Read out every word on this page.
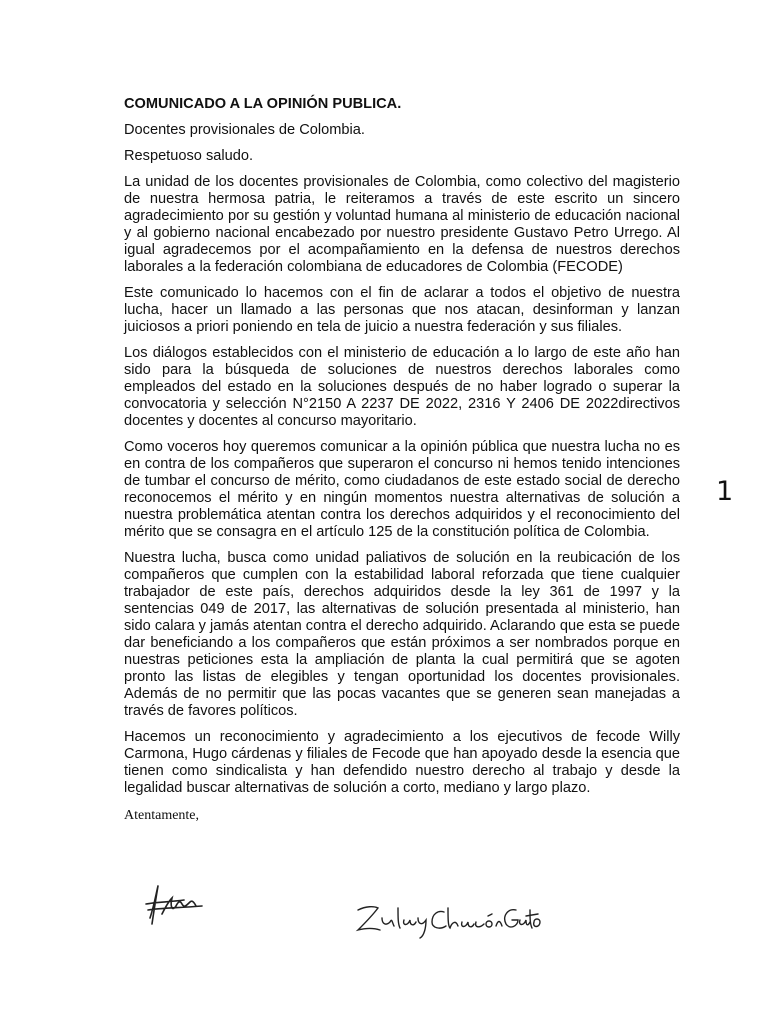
COMUNICADO A LA OPINIÓN PUBLICA.
Docentes provisionales de Colombia.
Respetuoso saludo.
La unidad de los docentes provisionales de Colombia, como colectivo del magisterio de nuestra hermosa patria, le reiteramos a través de este escrito un sincero agradecimiento por su gestión y voluntad humana al ministerio de educación nacional y al gobierno nacional encabezado por nuestro presidente Gustavo Petro Urrego. Al igual agradecemos por el acompañamiento en la defensa de nuestros derechos laborales a la federación colombiana de educadores de Colombia (FECODE)
Este comunicado lo hacemos con el fin de aclarar a todos el objetivo de nuestra lucha, hacer un llamado a las personas que nos atacan, desinforman y lanzan juiciosos a priori poniendo en tela de juicio a nuestra federación y sus filiales.
Los diálogos establecidos con el ministerio de educación a lo largo de este año han sido para la búsqueda de soluciones de nuestros derechos laborales como empleados del estado en la soluciones después de no haber logrado o superar la convocatoria y selección N°2150 A 2237 DE 2022, 2316 Y 2406 DE 2022directivos docentes y docentes al concurso mayoritario.
Como voceros hoy queremos comunicar a la opinión pública que nuestra lucha no es en contra de los compañeros que superaron el concurso ni hemos tenido intenciones de tumbar el concurso de mérito, como ciudadanos de este estado social de derecho reconocemos el mérito y en ningún momentos nuestra alternativas de solución a nuestra problemática atentan contra los derechos adquiridos y el reconocimiento del mérito que se consagra en el artículo 125 de la constitución política de Colombia.
Nuestra lucha, busca como unidad paliativos de solución en la reubicación de los compañeros que cumplen con la estabilidad laboral reforzada que tiene cualquier trabajador de este país, derechos adquiridos desde la ley 361 de 1997 y la sentencias 049 de 2017, las alternativas de solución presentada al ministerio, han sido calara y jamás atentan contra el derecho adquirido. Aclarando que esta se puede dar beneficiando a los compañeros que están próximos a ser nombrados porque en nuestras peticiones esta la ampliación de planta la cual permitirá que se agoten pronto las listas de elegibles y tengan oportunidad los docentes provisionales. Además de no permitir que las pocas vacantes que se generen sean manejadas a través de favores políticos.
Hacemos un reconocimiento y agradecimiento a los ejecutivos de fecode Willy Carmona, Hugo cárdenas y filiales de Fecode que han apoyado desde la esencia que tienen como sindicalista y han defendido nuestro derecho al trabajo y desde la legalidad buscar alternativas de solución a corto, mediano y largo plazo.
Atentamente,
1
